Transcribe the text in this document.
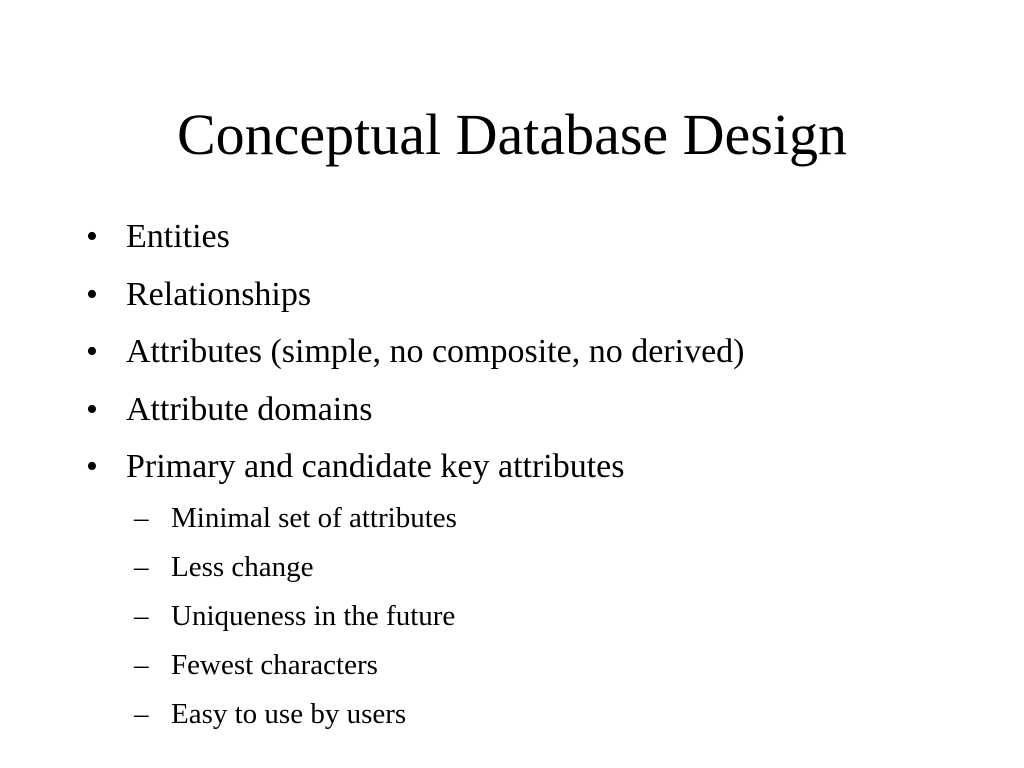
Conceptual Database Design
• Entities
• Relationships
• Attributes (simple, no composite, no derived)
• Attribute domains
• Primary and candidate key attributes
– Minimal set of attributes
– Less change
– Uniqueness in the future
– Fewest characters
– Easy to use by users
